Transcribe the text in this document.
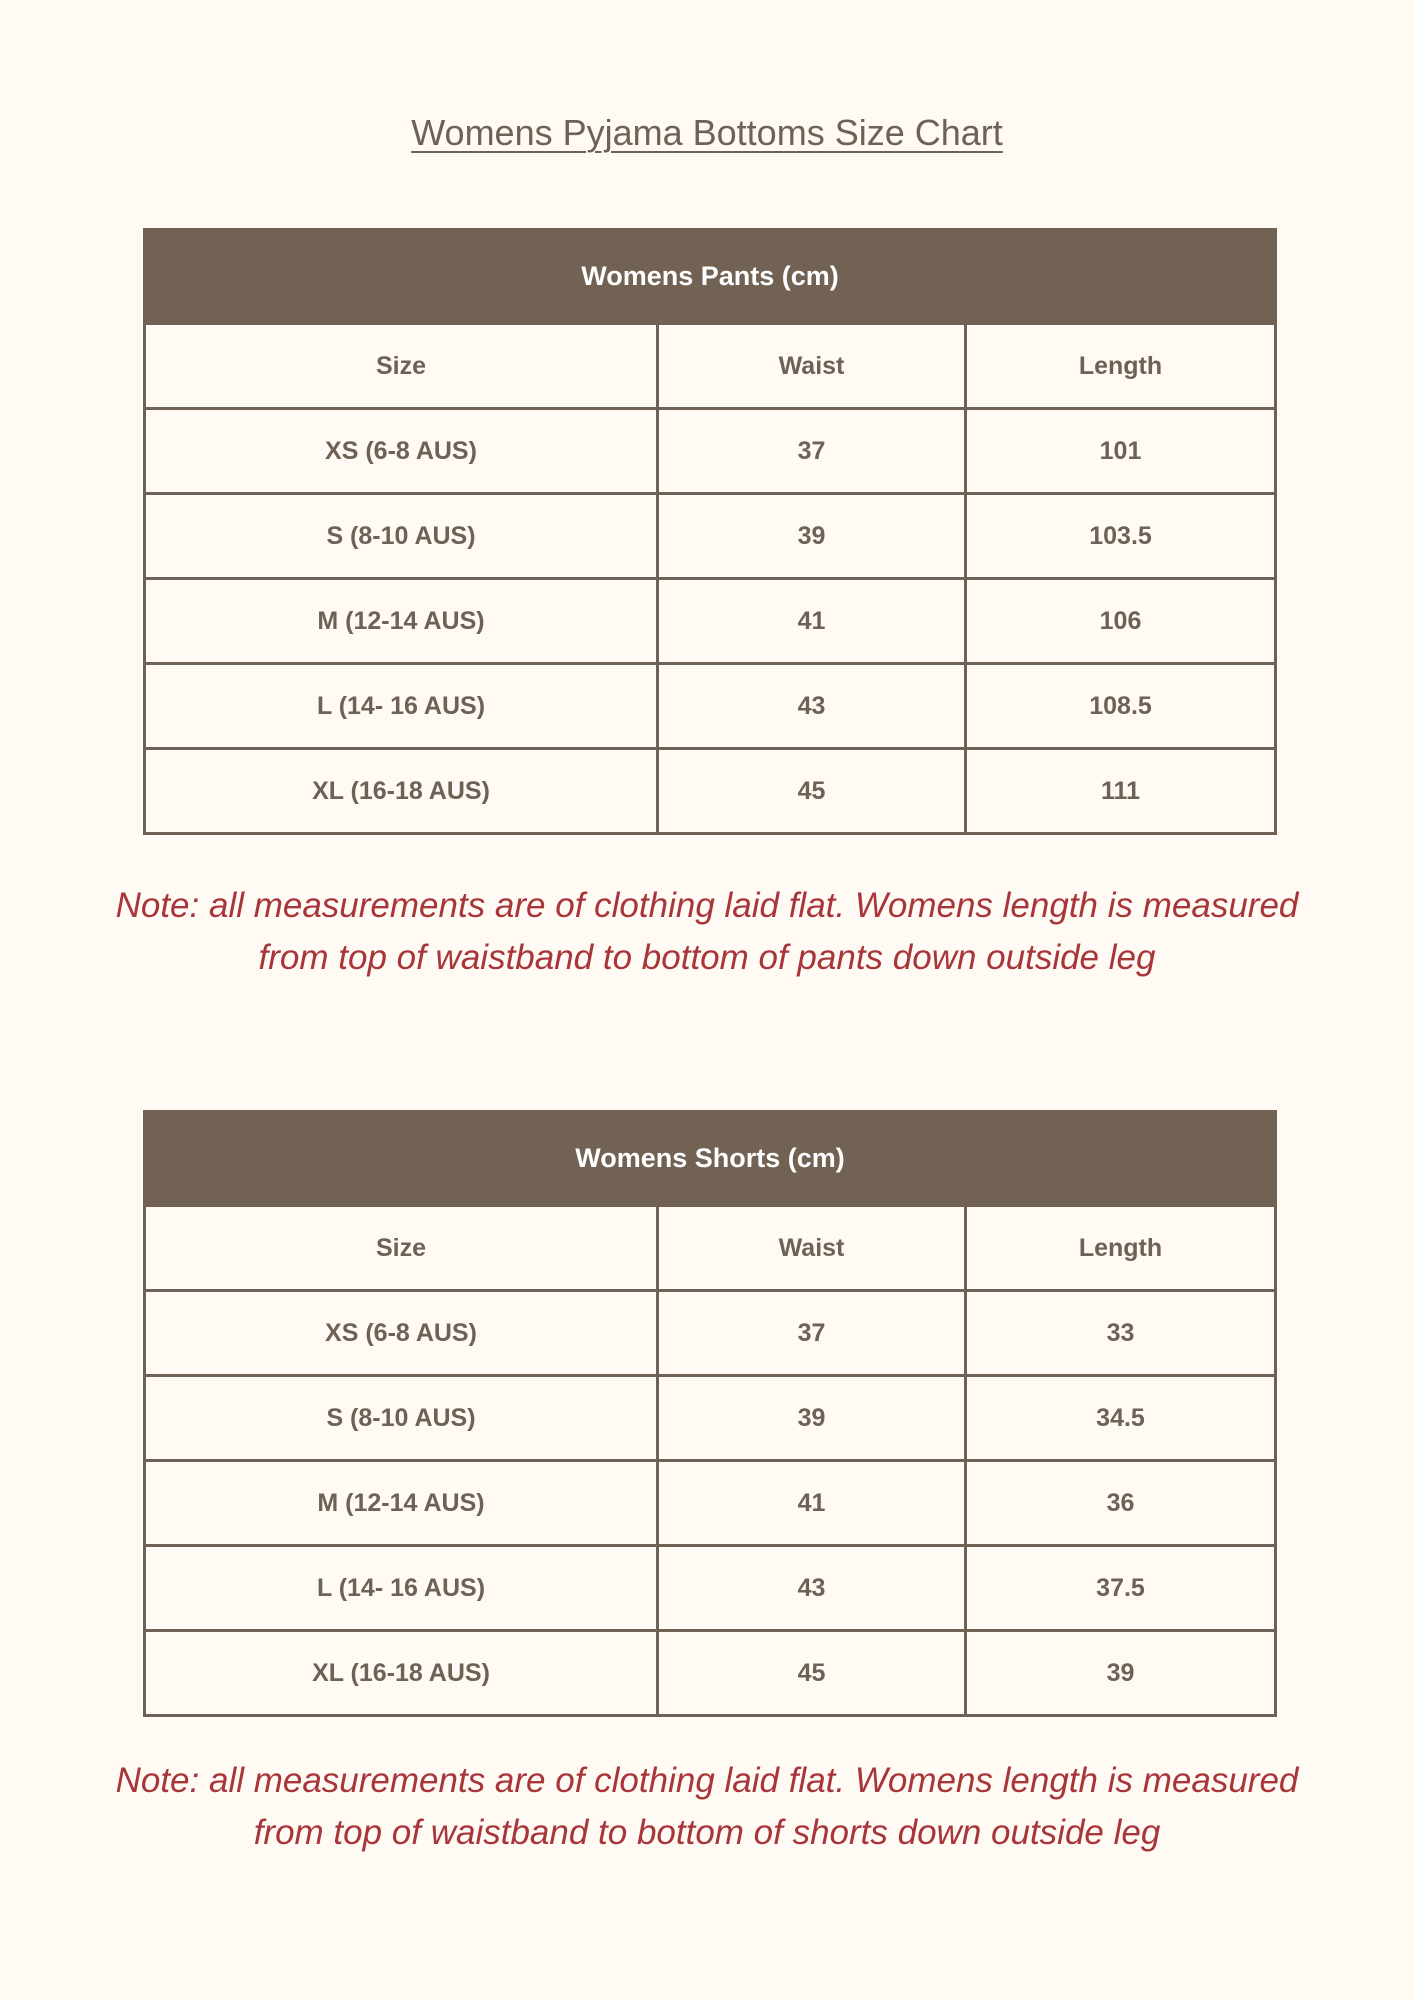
Womens Pyjama Bottoms Size Chart
Womens Pants (cm)		
Size	Waist	Length
XS (6-8 AUS)	37	101
S (8-10 AUS)	39	103.5
M (12-14 AUS)	41	106
L (14- 16 AUS)	43	108.5
XL (16-18 AUS)	45	111
Note: all measurements are of clothing laid flat. Womens length is measured
from top of waistband to bottom of pants down outside leg
Womens Shorts (cm)		
Size	Waist	Length
XS (6-8 AUS)	37	33
S (8-10 AUS)	39	34.5
M (12-14 AUS)	41	36
L (14- 16 AUS)	43	37.5
XL (16-18 AUS)	45	39
Note: all measurements are of clothing laid flat. Womens length is measured
from top of waistband to bottom of shorts down outside leg
